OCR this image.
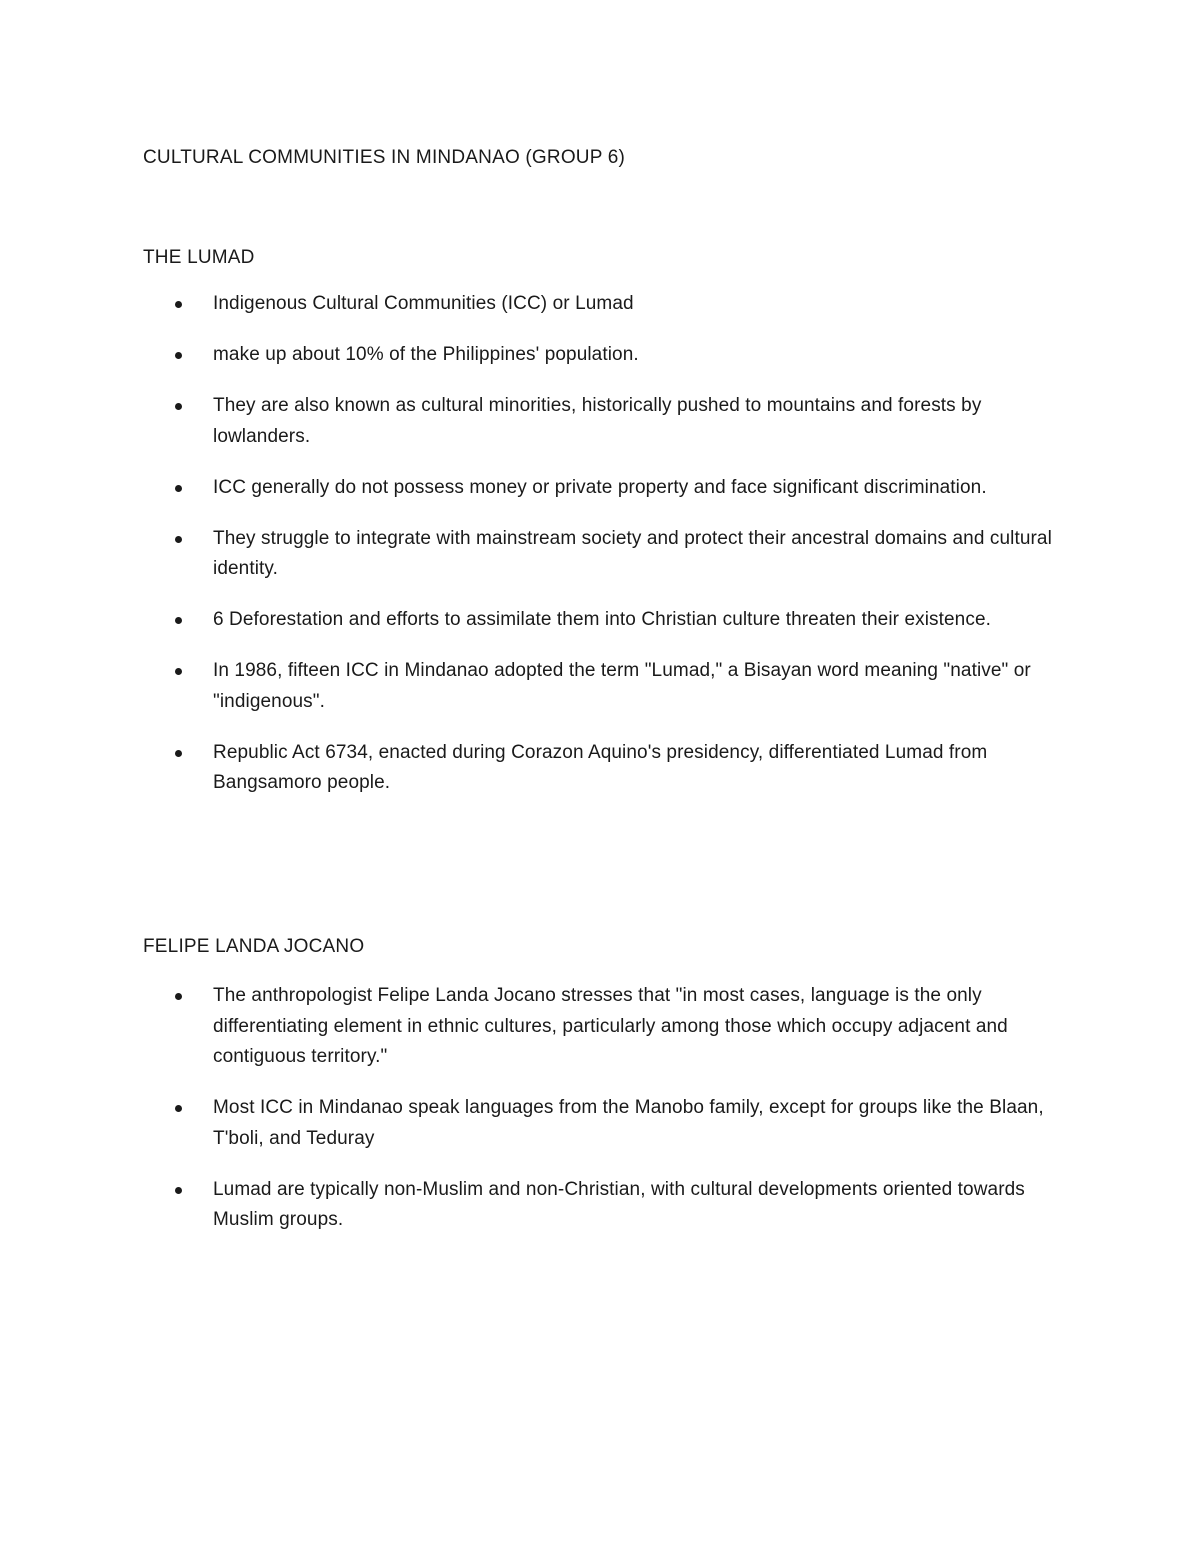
CULTURAL COMMUNITIES IN MINDANAO (GROUP 6)
THE LUMAD
Indigenous Cultural Communities (ICC) or Lumad
make up about 10% of the Philippines' population.
They are also known as cultural minorities, historically pushed to mountains and forests by lowlanders.
ICC generally do not possess money or private property and face significant discrimination.
They struggle to integrate with mainstream society and protect their ancestral domains and cultural identity.
6 Deforestation and efforts to assimilate them into Christian culture threaten their existence.
In 1986, fifteen ICC in Mindanao adopted the term "Lumad," a Bisayan word meaning "native" or "indigenous".
Republic Act 6734, enacted during Corazon Aquino's presidency, differentiated Lumad from Bangsamoro people.
FELIPE LANDA JOCANO
The anthropologist Felipe Landa Jocano stresses that "in most cases, language is the only differentiating element in ethnic cultures, particularly among those which occupy adjacent and contiguous territory."
Most ICC in Mindanao speak languages from the Manobo family, except for groups like the Blaan, T'boli, and Teduray
Lumad are typically non-Muslim and non-Christian, with cultural developments oriented towards Muslim groups.
